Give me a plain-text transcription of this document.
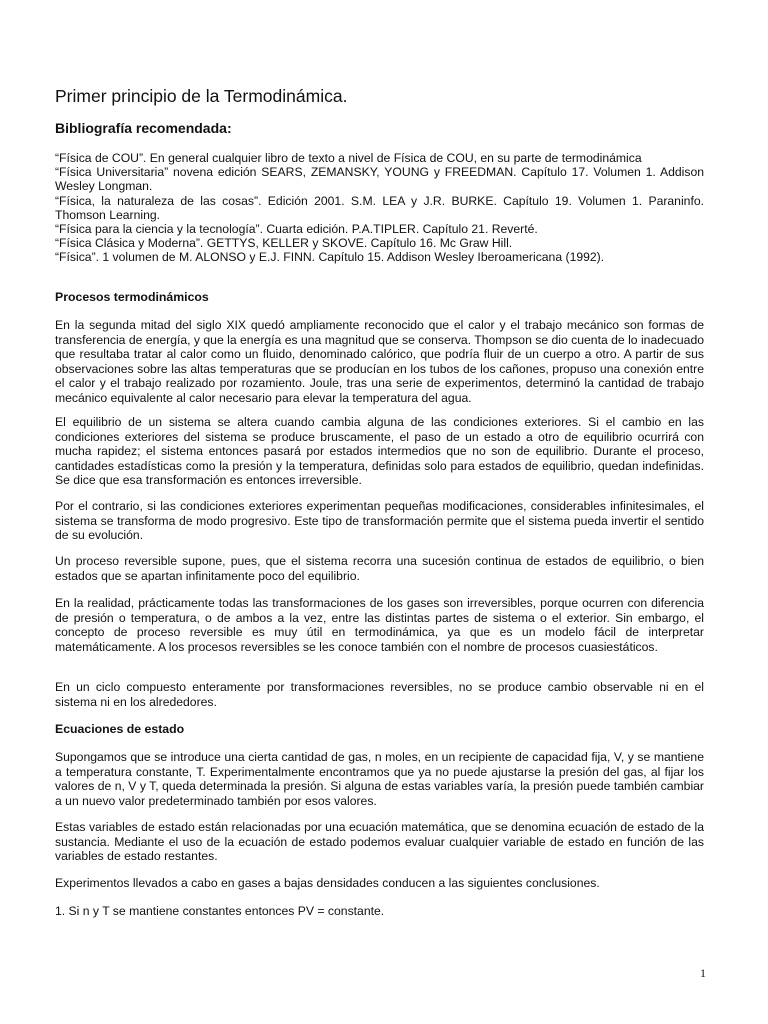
Primer principio de la Termodinámica.
Bibliografía recomendada:

“Física de COU”. En general cualquier libro de texto a nivel de Física de COU, en su parte de termodinámica

“Física Universitaria” novena edición SEARS, ZEMANSKY, YOUNG y FREEDMAN. Capítulo 17. Volumen 1. Addison Wesley Longman.

“Física, la naturaleza de las cosas”. Edición 2001. S.M. LEA y J.R. BURKE. Capítulo 19. Volumen 1. Paraninfo. Thomson Learning.

“Física para la ciencia y la tecnología”. Cuarta edición. P.A.TIPLER. Capítulo 21. Reverté.

“Física Clásica y Moderna”. GETTYS, KELLER y SKOVE. Capítulo 16. Mc Graw Hill.

“Física”. 1 volumen de M. ALONSO y E.J. FINN. Capítulo 15. Addison Wesley Iberoamericana (1992).

Procesos termodinámicos

En la segunda mitad del siglo XIX quedó ampliamente reconocido que el calor y el trabajo mecánico son formas de transferencia de energía, y que la energía es una magnitud que se conserva. Thompson se dio cuenta de lo inadecuado que resultaba tratar al calor como un fluido, denominado calórico, que podría fluir de un cuerpo a otro. A partir de sus observaciones sobre las altas temperaturas que se producían en los tubos de los cañones, propuso una conexión entre el calor y el trabajo realizado por rozamiento. Joule, tras una serie de experimentos, determinó la cantidad de trabajo mecánico equivalente al calor necesario para elevar la temperatura del agua.

El equilibrio de un sistema se altera cuando cambia alguna de las condiciones exteriores. Si el cambio en las condiciones exteriores del sistema se produce bruscamente, el paso de un estado a otro de equilibrio ocurrirá con mucha rapidez; el sistema entonces pasará por estados intermedios que no son de equilibrio. Durante el proceso, cantidades estadísticas como la presión y la temperatura, definidas solo para estados de equilibrio, quedan indefinidas. Se dice que esa transformación es entonces irreversible.

Por el contrario, si las condiciones exteriores experimentan pequeñas modificaciones, considerables infinitesimales, el sistema se transforma de modo progresivo. Este tipo de transformación permite que el sistema pueda invertir el sentido de su evolución.

Un proceso reversible supone, pues, que el sistema recorra una sucesión continua de estados de equilibrio, o bien estados que se apartan infinitamente poco del equilibrio.

En la realidad, prácticamente todas las transformaciones de los gases son irreversibles, porque ocurren con diferencia de presión o temperatura, o de ambos a la vez, entre las distintas partes de sistema o el exterior. Sin embargo, el concepto de proceso reversible es muy útil en termodinámica, ya que es un modelo fácil de interpretar matemáticamente. A los procesos reversibles se les conoce también con el nombre de procesos cuasiestáticos.

En un ciclo compuesto enteramente por transformaciones reversibles, no se produce cambio observable ni en el sistema ni en los alrededores.

Ecuaciones de estado

Supongamos que se introduce una cierta cantidad de gas, n moles, en un recipiente de capacidad fija, V, y se mantiene a temperatura constante, T. Experimentalmente encontramos que ya no puede ajustarse la presión del gas, al fijar los valores de n, V y T, queda determinada la presión. Si alguna de estas variables varía, la presión puede también cambiar a un nuevo valor predeterminado también por esos valores.

Estas variables de estado están relacionadas por una ecuación matemática, que se denomina ecuación de estado de la sustancia. Mediante el uso de la ecuación de estado podemos evaluar cualquier variable de estado en función de las variables de estado restantes.

Experimentos llevados a cabo en gases a bajas densidades conducen a las siguientes conclusiones.

1. Si n y T se mantiene constantes entonces PV = constante.

1
